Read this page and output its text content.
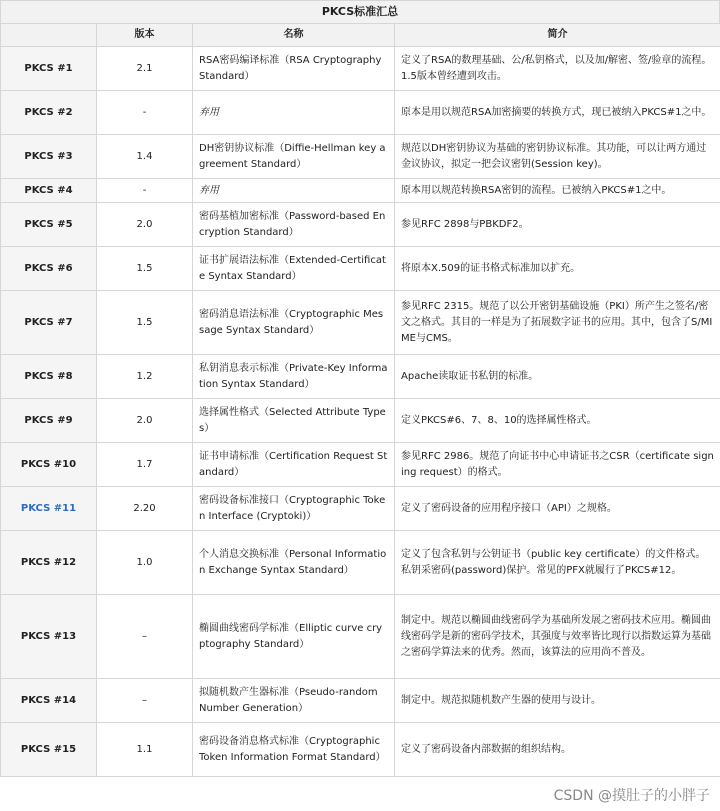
PKCS标准汇总
	版本	名称	简介
PKCS #1	2.1	RSA密码编译标准（RSA Cryptography Standard）	定义了RSA的数理基础、公/私钥格式，以及加/解密、签/验章的流程。1.5版本曾经遭到攻击。
PKCS #2	-	弃用	原本是用以规范RSA加密摘要的转换方式，现已被纳入PKCS#1之中。
PKCS #3	1.4	DH密钥协议标准（Diffie-Hellman key agreement Standard）	规范以DH密钥协议为基础的密钥协议标准。其功能，可以让两方通过金议协议，拟定一把会议密钥(Session key)。
PKCS #4	-	弃用	原本用以规范转换RSA密钥的流程。已被纳入PKCS#1之中。
PKCS #5	2.0	密码基植加密标准（Password-based Encryption Standard）	参见RFC 2898与PBKDF2。
PKCS #6	1.5	证书扩展语法标准（Extended-Certificate Syntax Standard）	将原本X.509的证书格式标准加以扩充。
PKCS #7	1.5	密码消息语法标准（Cryptographic Message Syntax Standard）	参见RFC 2315。规范了以公开密钥基础设施（PKI）所产生之签名/密文之格式。其目的一样是为了拓展数字证书的应用。其中，包含了S/MIME与CMS。
PKCS #8	1.2	私钥消息表示标准（Private-Key Information Syntax Standard）	Apache读取证书私钥的标准。
PKCS #9	2.0	选择属性格式（Selected Attribute Types）	定义PKCS#6、7、8、10的选择属性格式。
PKCS #10	1.7	证书申请标准（Certification Request Standard）	参见RFC 2986。规范了向证书中心申请证书之CSR（certificate signing request）的格式。
PKCS #11	2.20	密码设备标准接口（Cryptographic Token Interface (Cryptoki)）	定义了密码设备的应用程序接口（API）之规格。
PKCS #12	1.0	个人消息交换标准（Personal Information Exchange Syntax Standard）	定义了包含私钥与公钥证书（public key certificate）的文件格式。私钥采密码(password)保护。常见的PFX就履行了PKCS#12。
PKCS #13	–	椭圆曲线密码学标准（Elliptic curve cryptography Standard）	制定中。规范以椭圆曲线密码学为基础所发展之密码技术应用。椭圆曲线密码学是新的密码学技术，其强度与效率皆比现行以指数运算为基础之密码学算法来的优秀。然而，该算法的应用尚不普及。
PKCS #14	–	拟随机数产生器标准（Pseudo-random Number Generation）	制定中。规范拟随机数产生器的使用与设计。
PKCS #15	1.1	密码设备消息格式标准（Cryptographic Token Information Format Standard）	定义了密码设备内部数据的组织结构。
CSDN @摸肚子的小胖子
